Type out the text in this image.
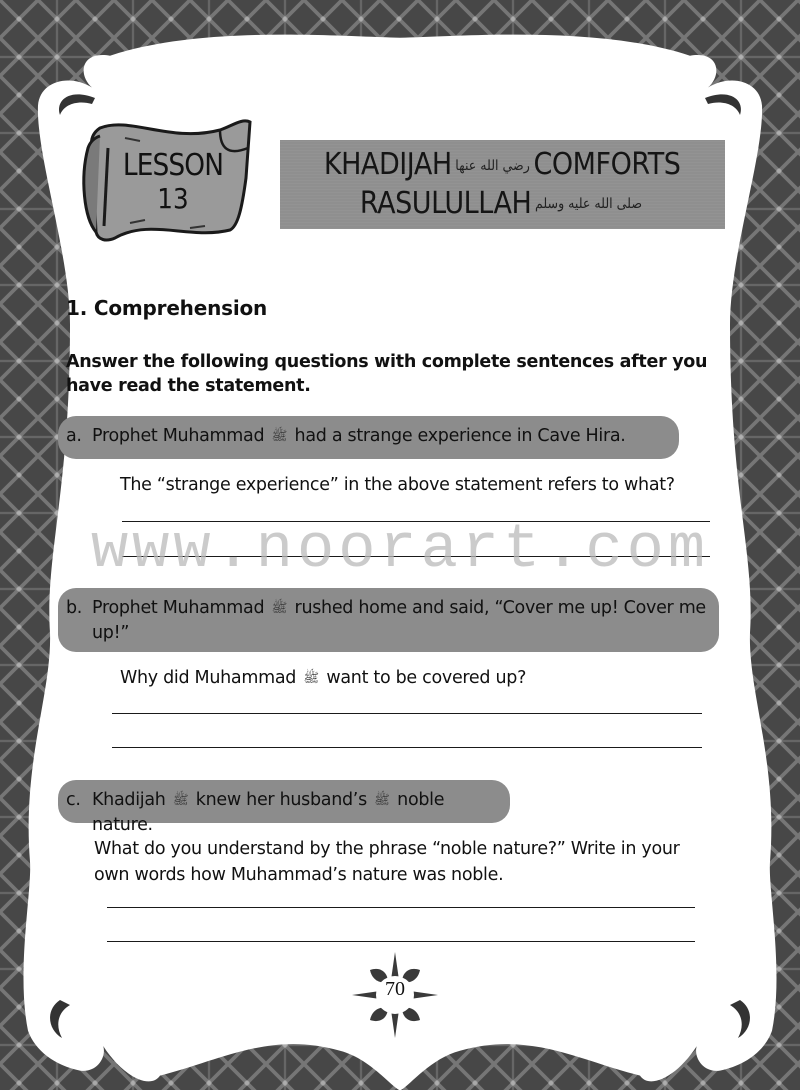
LESSON
13
KHADIJAH رضي الله عنها COMFORTS
RASULULLAH صلى الله عليه وسلم
1. Comprehension
Answer the following questions with complete sentences after you have read the statement.
a. Prophet Muhammad ﷺ had a strange experience in Cave Hira.
The “strange experience” in the above statement refers to what?
b. Prophet Muhammad ﷺ rushed home and said, “Cover me up! Cover me up!”
Why did Muhammad ﷺ want to be covered up?
c. Khadijah ﷺ knew her husband’s ﷺ noble nature.
What do you understand by the phrase “noble nature?” Write in your own words how Muhammad’s nature was noble.
www.noorart.com
70
